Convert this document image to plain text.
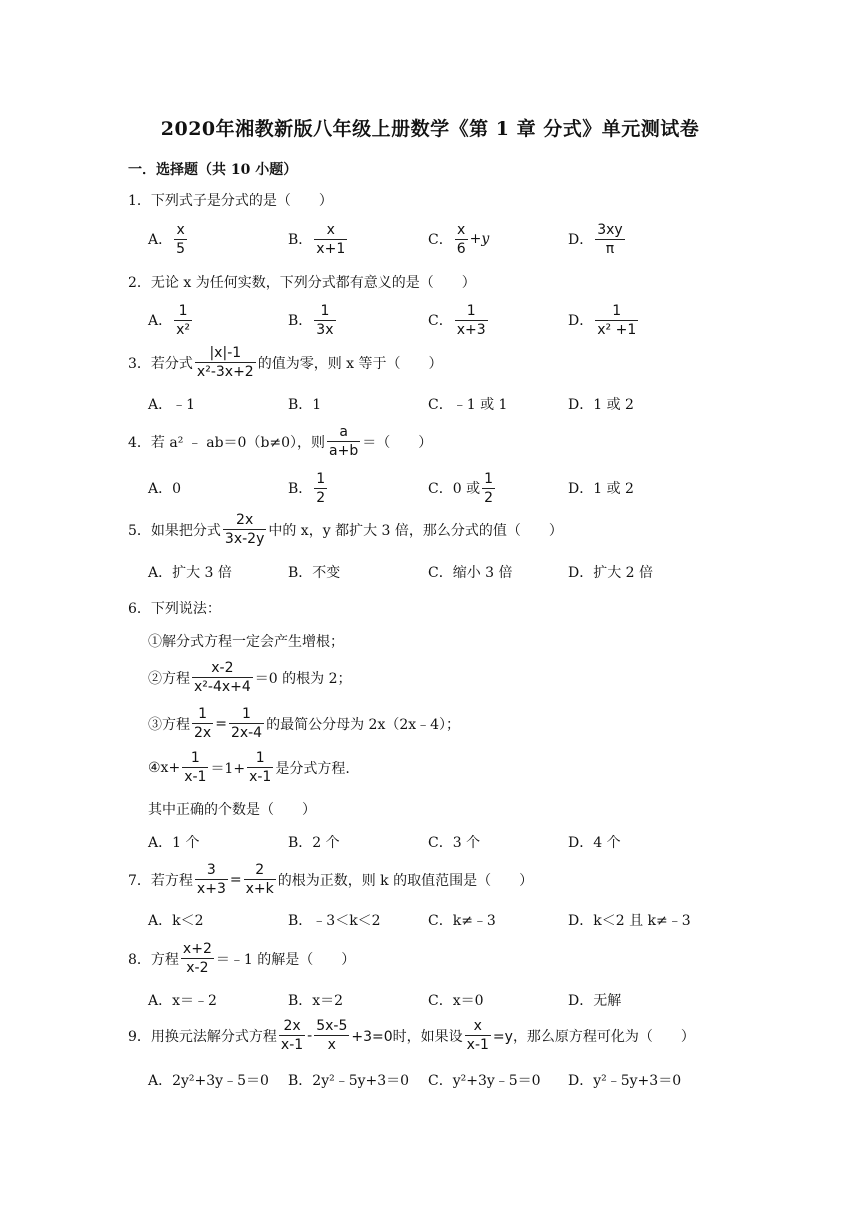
2020年湘教新版八年级上册数学《第 1 章 分式》单元测试卷
一．选择题（共 10 小题）
1． 下列式子是分式的是（　　）
A． $\frac{x}{5}$	B． $\frac{x}{x+1}$	C． $\frac{x}{6} +y$	D． $\frac{3xy}{\pi}$
2． 无论 x 为任何实数，下列分式都有意义的是（　　）
A． $\frac{1}{\text{x²}}$	B． $\frac{1}{3x}$	C． $\frac{1}{x+3}$	D． $\frac{1}{\text{x² +1}}$
3． 若分式 $\frac{|x|-1}{\text{x²-3x+2}}$ 的值为零，则 x 等于（　　）
A．﹣1	B．1	C．﹣1 或 1	D．1 或 2
4． 若 a² ﹣ ab＝0（b≠0），则 $\frac{a}{a+b}$ ＝（　　）
A．0	B． $\frac{1}{2}$	C．0 或 $\frac{1}{2}$	D．1 或 2
5． 如果把分式 $\frac{2x}{3x-2y}$ 中的 x，y 都扩大 3 倍，那么分式的值（　　）
A．扩大 3 倍	B．不变	C．缩小 3 倍	D．扩大 2 倍
6． 下列说法：
①解分式方程一定会产生增根；
②方程 $\frac{x-2}{\text{x²-4x+4}} =0$ 的根为 2；
③方程 $\frac{1}{2x} = \frac{1}{2x-4}$ 的最简公分母为 2x（2x﹣4）；
④x+ $\frac{1}{x-1} =1+ \frac{1}{x-1}$ 是分式方程.
其中正确的个数是（　　）
A．1 个	B．2 个	C．3 个	D．4 个
7． 若方程 $\frac{3}{x+3} = \frac{2}{x+k}$ 的根为正数，则 k 的取值范围是（　　）
A．k＜2	B．﹣3＜k＜2	C．k≠﹣3	D．k＜2 且 k≠﹣3
8． 方程 $\frac{x+2}{x-2}$ ＝﹣1 的解是（　　）
A．x＝﹣2	B．x＝2	C．x＝0	D．无解
9． 用换元法解分式方程 $\frac{2x}{x-1} - \frac{5x-5}{x} +3=0$时，如果设 $\frac{x}{x-1} =y$，那么原方程可化为（　　）
A．2y²+3y﹣5＝0	B．2y²﹣5y+3＝0	C．y²+3y﹣5＝0	D．y²﹣5y+3＝0
